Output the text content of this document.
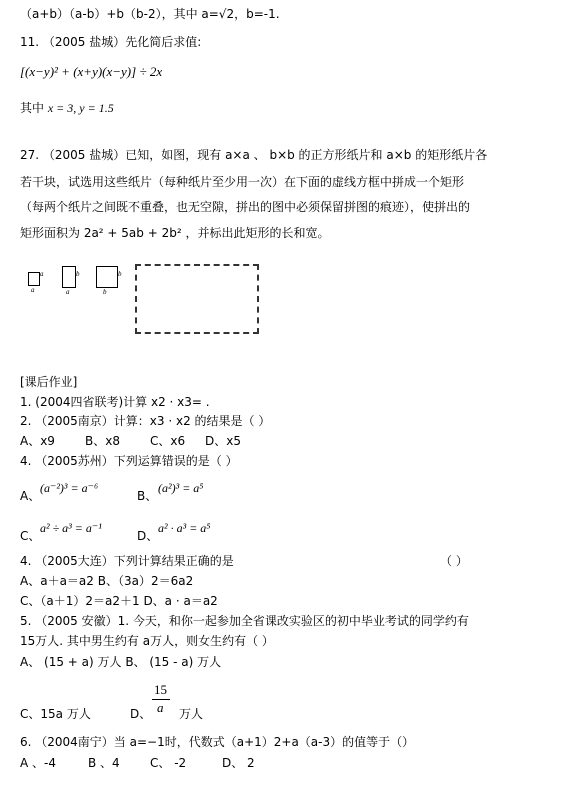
（a+b）（a-b）+b（b-2），其中 a=√2，b=-1.
11. （2005 盐城）先化简后求值:
[(x−y)² + (x+y)(x−y)] ÷ 2x
其中 x = 3, y = 1.5
27. （2005 盐城）已知，如图，现有 a×a 、 b×b 的正方形纸片和 a×b 的矩形纸片各
若干块，试选用这些纸片（每种纸片至少用一次）在下面的虚线方框中拼成一个矩形
（每两个纸片之间既不重叠，也无空隙，拼出的图中必须保留拼图的痕迹），使拼出的
矩形面积为 2a² + 5ab + 2b² ，并标出此矩形的长和宽。
a
a
b
a
b
b
[课后作业]
1. (2004四省联考)计算 x2 · x3= .
2. （2005南京）计算：x3 · x2 的结果是（ ）
A、x9	B、x8	C、x6 D、x5
4. （2005苏州）下列运算错误的是（ ）
A、
(a⁻²)³ = a⁻⁶
B、
(a²)³ = a⁵
C、
a² ÷ a³ = a⁻¹
D、
a² · a³ = a⁵
4. （2005大连）下列计算结果正确的是	（ ）
A、a＋a＝a2 B、（3a）2＝6a2
C、（a＋1）2＝a2＋1 D、a · a＝a2
5. （2005 安徽）1. 今天，和你一起参加全省课改实验区的初中毕业考试的同学约有
15万人. 其中男生约有 a万人，则女生约有（ ）
A、 (15 + a) 万人 B、 (15 - a) 万人
C、15a 万人	D、
15
a 万人
6. （2004南宁）当 a=−1时，代数式（a+1）2+a（a-3）的值等于（）
A 、-4	B 、4	C、 -2	D、 2
